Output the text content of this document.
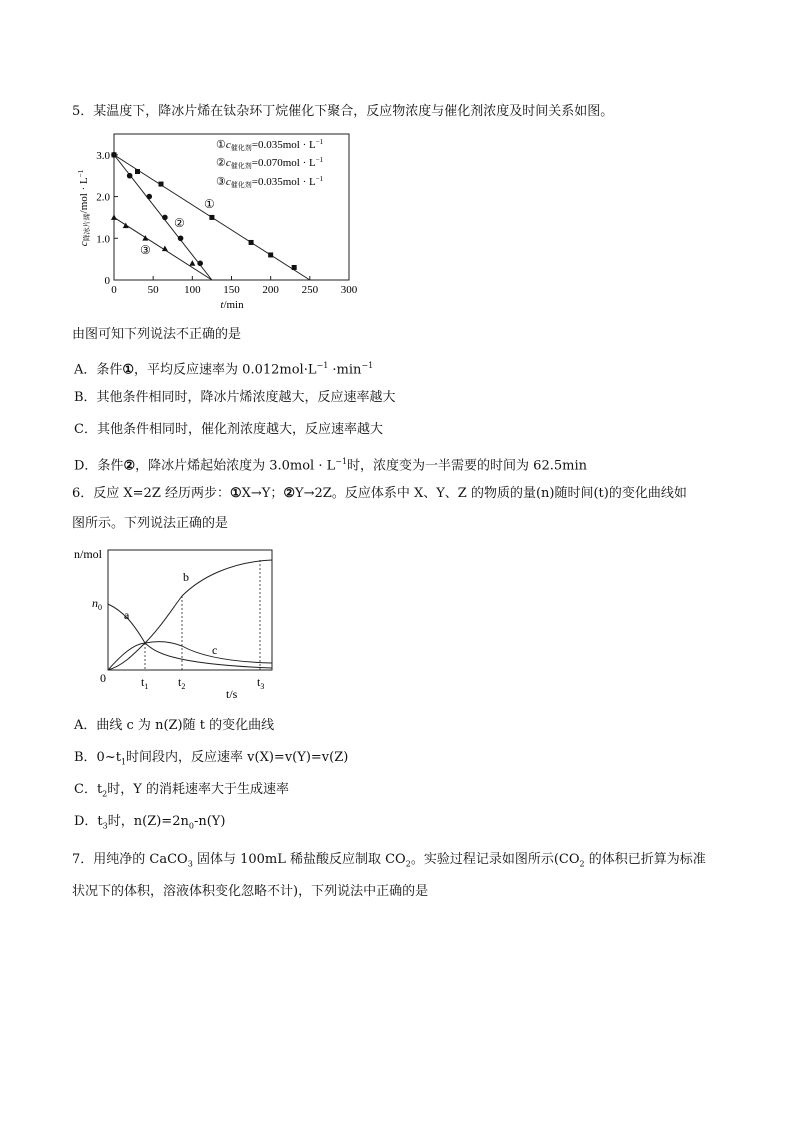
5．某温度下，降冰片烯在钛杂环丁烷催化下聚合，反应物浓度与催化剂浓度及时间关系如图。
0	50 100 150 200 250 300
0
1.0
2.0
3.0
c降冰片烯$/mol \cdot L^{-1}$
t/min
①c催化剂$=0.035mol \cdot L^{-1}$
②c催化剂$=0.070mol \cdot L^{-1}$
③c催化剂$=0.035mol \cdot L^{-1}$
①
②
③
由图可知下列说法不正确的是
A．条件①，平均反应速率为 $0.012mol\cdot L^{-1} \cdot\min^{-1}$
B．其他条件相同时，降冰片烯浓度越大，反应速率越大
C．其他条件相同时，催化剂浓度越大，反应速率越大
D．条件②，降冰片烯起始浓度为 $3.0mol \cdot L^{-1}$时，浓度变为一半需要的时间为 62.5min
6．反应 X=2Z 经历两步：①X→Y；②Y→2Z。反应体系中 X、Y、Z 的物质的量(n)随时间(t)的变化曲线如
图所示。下列说法正确的是
n/mol
$n_0$
0
a
b
c
$t_1$ $t_2$	$t_3$
t/s
A．曲线 c 为 n(Z)随 t 的变化曲线
B．$0\sim t_1$时间段内，反应速率 v(X)=v(Y)=v(Z)
C．$t_2$时，Y 的消耗速率大于生成速率
D．$t_3$时，$n(Z)=2n_0-n(Y)$
7．用纯净的 CaCO$_3$ 固体与 100mL 稀盐酸反应制取 $CO_2$。实验过程记录如图所示($CO_2$ 的体积已折算为标准
状况下的体积，溶液体积变化忽略不计)，下列说法中正确的是
